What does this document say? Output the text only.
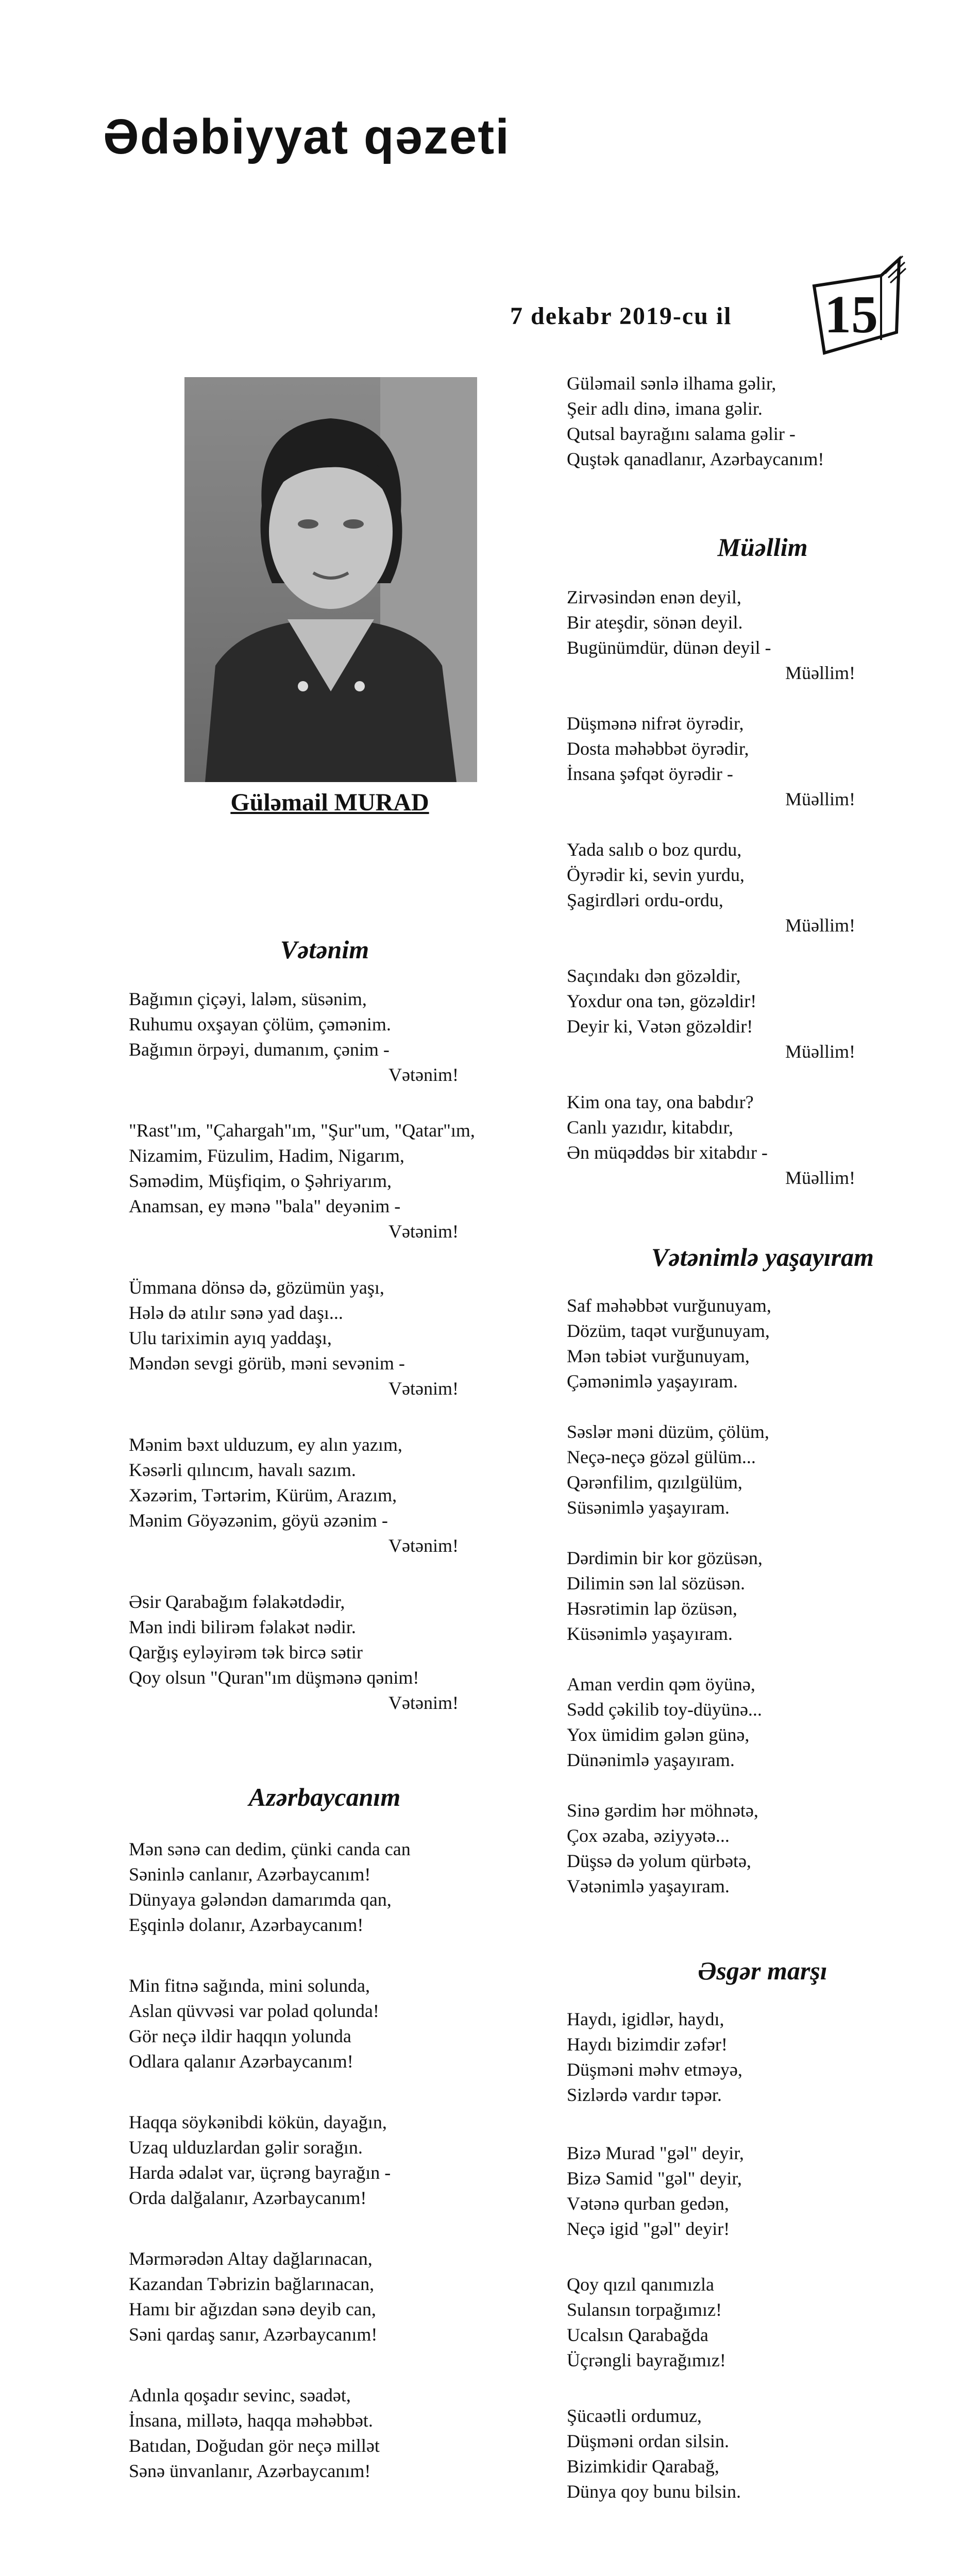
Ədəbiyyat qəzeti
7 dekabr 2019-cu il 15
Güləmail MURAD
Vətənim
Bağımın çiçəyi, laləm, süsənim,
Ruhumu oxşayan çölüm, çəmənim.
Bağımın örpəyi, dumanım, çənim -
Vətənim!
"Rast"ım, "Çahargah"ım, "Şur"um, "Qatar"ım,
Nizamim, Füzulim, Hadim, Nigarım,
Səmədim, Müşfiqim, o Şəhriyarım,
Anamsan, ey mənə "bala" deyənim -
Vətənim!
Ümmana dönsə də, gözümün yaşı,
Hələ də atılır sənə yad daşı...
Ulu tariximin ayıq yaddaşı,
Məndən sevgi görüb, məni sevənim -
Vətənim!
Mənim bəxt ulduzum, ey alın yazım,
Kəsərli qılıncım, havalı sazım.
Xəzərim, Tərtərim, Kürüm, Arazım,
Mənim Göyəzənim, göyü əzənim -
Vətənim!
Əsir Qarabağım fəlakətdədir,
Mən indi bilirəm fəlakət nədir.
Qarğış eyləyirəm tək bircə sətir
Qoy olsun "Quran"ım düşmənə qənim!
Vətənim!
Azərbaycanım
Mən sənə can dedim, çünki canda can
Səninlə canlanır, Azərbaycanım!
Dünyaya gələndən damarımda qan,
Eşqinlə dolanır, Azərbaycanım!
Min fitnə sağında, mini solunda,
Aslan qüvvəsi var polad qolunda!
Gör neçə ildir haqqın yolunda
Odlara qalanır Azərbaycanım!
Haqqa söykənibdi kökün, dayağın,
Uzaq ulduzlardan gəlir sorağın.
Harda ədalət var, üçrəng bayrağın -
Orda dalğalanır, Azərbaycanım!
Mərmərədən Altay dağlarınacan,
Kazandan Təbrizin bağlarınacan,
Hamı bir ağızdan sənə deyib can,
Səni qardaş sanır, Azərbaycanım!
Adınla qoşadır sevinc, səadət,
İnsana, millətə, haqqa məhəbbət.
Batıdan, Doğudan gör neçə millət
Sənə ünvanlanır, Azərbaycanım!
Güləmail sənlə ilhama gəlir,
Şeir adlı dinə, imana gəlir.
Qutsal bayrağını salama gəlir -
Quştək qanadlanır, Azərbaycanım!
Müəllim
Zirvəsindən enən deyil,
Bir ateşdir, sönən deyil.
Bugünümdür, dünən deyil -
Müəllim!
Düşmənə nifrət öyrədir,
Dosta məhəbbət öyrədir,
İnsana şəfqət öyrədir -
Müəllim!
Yada salıb o boz qurdu,
Öyrədir ki, sevin yurdu,
Şagirdləri ordu-ordu,
Müəllim!
Saçındakı dən gözəldir,
Yoxdur ona tən, gözəldir!
Deyir ki, Vətən gözəldir!
Müəllim!
Kim ona tay, ona babdır?
Canlı yazıdır, kitabdır,
Ən müqəddəs bir xitabdır -
Müəllim!
Vətənimlə yaşayıram
Saf məhəbbət vurğunuyam,
Dözüm, taqət vurğunuyam,
Mən təbiət vurğunuyam,
Çəmənimlə yaşayıram.
Səslər məni düzüm, çölüm,
Neçə-neçə gözəl gülüm...
Qərənfilim, qızılgülüm,
Süsənimlə yaşayıram.
Dərdimin bir kor gözüsən,
Dilimin sən lal sözüsən.
Həsrətimin lap özüsən,
Küsənimlə yaşayıram.
Aman verdin qəm öyünə,
Sədd çəkilib toy-düyünə...
Yox ümidim gələn günə,
Dünənimlə yaşayıram.
Sinə gərdim hər möhnətə,
Çox əzaba, əziyyətə...
Düşsə də yolum qürbətə,
Vətənimlə yaşayıram.
Əsgər marşı
Haydı, igidlər, haydı,
Haydı bizimdir zəfər!
Düşməni məhv etməyə,
Sizlərdə vardır təpər.
Bizə Murad "gəl" deyir,
Bizə Samid "gəl" deyir,
Vətənə qurban gedən,
Neçə igid "gəl" deyir!
Qoy qızıl qanımızla
Sulansın torpağımız!
Ucalsın Qarabağda
Üçrəngli bayrağımız!
Şücaətli ordumuz,
Düşməni ordan silsin.
Bizimkidir Qarabağ,
Dünya qoy bunu bilsin.
